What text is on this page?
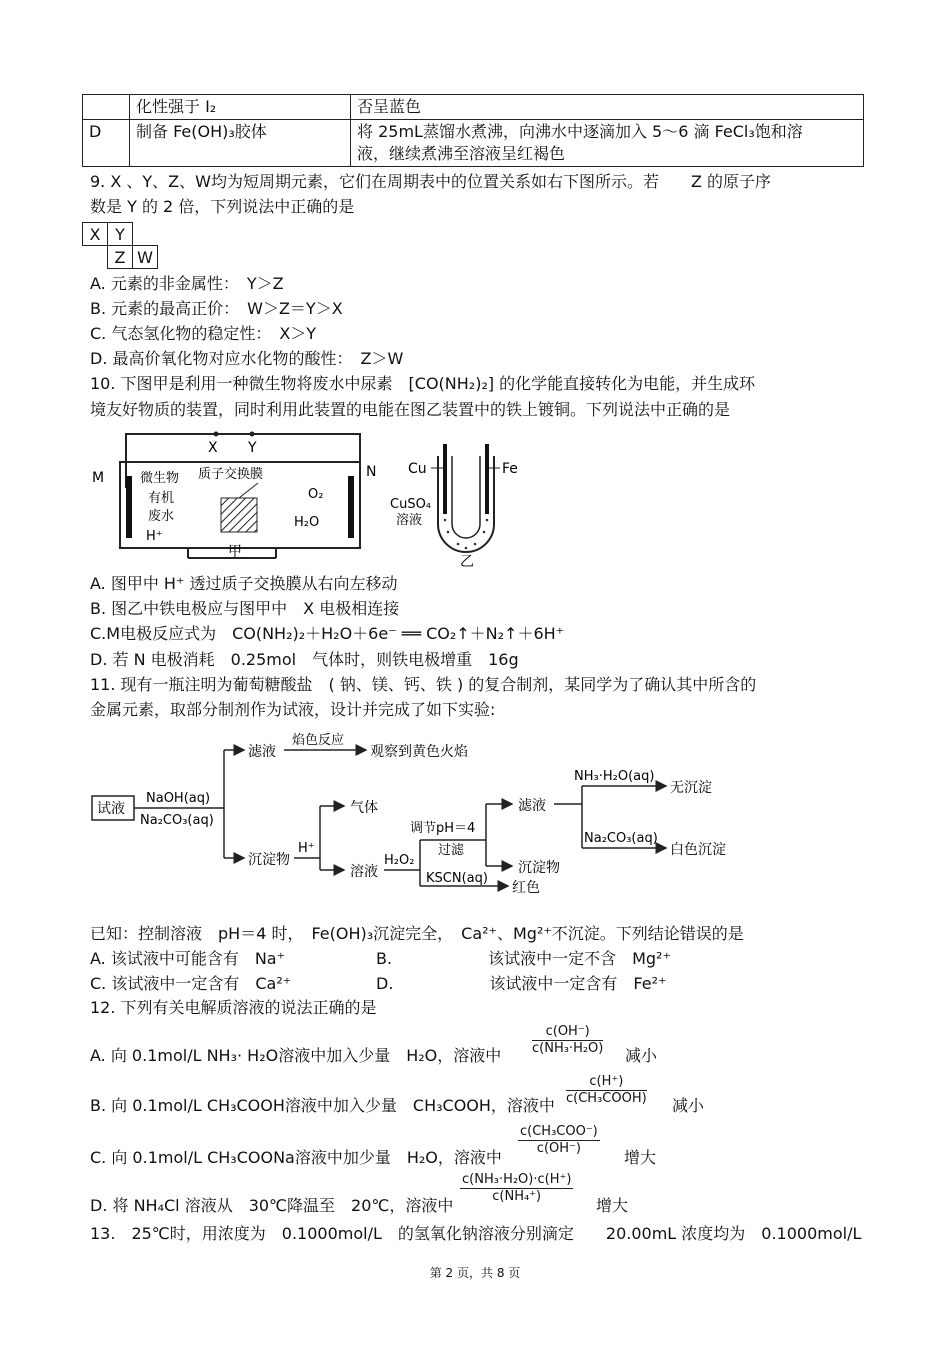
	化性强于 I₂	否呈蓝色
D	制备 Fe(OH)₃胶体	将 25mL蒸馏水煮沸，向沸水中逐滴加入 5～6 滴 FeCl₃饱和溶
液，继续煮沸至溶液呈红褐色
9. X 、Y、Z、W均为短周期元素，它们在周期表中的位置关系如右下图所示。若　　Z 的原子序
数是 Y 的 2 倍，下列说法中正确的是
X	Y	
	Z	W
A. 元素的非金属性：　Y＞Z
B. 元素的最高正价：　W＞Z＝Y＞X
C. 气态氢化物的稳定性：　X＞Y
D. 最高价氧化物对应水化物的酸性：　Z＞W
10. 下图甲是利用一种微生物将废水中尿素　[CO(NH₂)₂] 的化学能直接转化为电能，并生成环
境友好物质的装置，同时利用此装置的电能在图乙装置中的铁上镀铜。下列说法中正确的是
X Y
M	N
微生物
有机
废水
H⁺
质子交换膜
O₂
H₂O
甲
Cu	Fe
CuSO₄
溶液
乙
A. 图甲中 H⁺ 透过质子交换膜从右向左移动
B. 图乙中铁电极应与图甲中　X 电极相连接
C.M电极反应式为　CO(NH₂)₂＋H₂O＋6e⁻ ══ CO₂↑＋N₂↑＋6H⁺
D. 若 N 电极消耗　0.25mol　气体时，则铁电极增重　16g
11. 现有一瓶注明为葡萄糖酸盐　( 钠、镁、钙、铁 ) 的复合制剂，某同学为了确认其中所含的
金属元素，取部分制剂作为试液，设计并完成了如下实验:
试液
NaOH(aq)
Na₂CO₃(aq)
滤液
焰色反应
观察到黄色火焰
沉淀物
H⁺
气体
溶液
H₂O₂
调节pH＝4
过滤
KSCN(aq)
红色
滤液
沉淀物
NH₃·H₂O(aq)
无沉淀
Na₂CO₃(aq)
白色沉淀
已知：控制溶液　pH＝4 时，　Fe(OH)₃沉淀完全，　Ca²⁺、Mg²⁺不沉淀。下列结论错误的是
A. 该试液中可能含有　Na⁺	B.　　　　　　该试液中一定不含　Mg²⁺
C. 该试液中一定含有　Ca²⁺	D.　　　　　　该试液中一定含有　Fe²⁺
12. 下列有关电解质溶液的说法正确的是
A. 向 0.1mol/L NH₃· H₂O溶液中加入少量　H₂O，溶液中 $\frac{c(OH^-)}{\text{c(NH₃·H₂O)}}$ 减小
B. 向 0.1mol/L CH₃COOH溶液中加入少量　CH₃COOH，溶液中
c(H⁺)
c(CH₃COOH) 减小
C. 向 0.1mol/L CH₃COONa溶液中加少量　H₂O，溶液中
c(CH₃COO⁻)
c(OH⁻)	增大
D. 将 NH₄Cl 溶液从　30℃降温至　20℃，溶液中
$\frac{\text{c(NH₃·H₂O)·c(H⁺)}}{\text{c(NH₄⁺)}}$
增大
13.　25℃时，用浓度为　0.1000mol/L　的氢氧化钠溶液分别滴定　　20.00mL 浓度均为　0.1000mol/L
第 2 页，共 8 页
